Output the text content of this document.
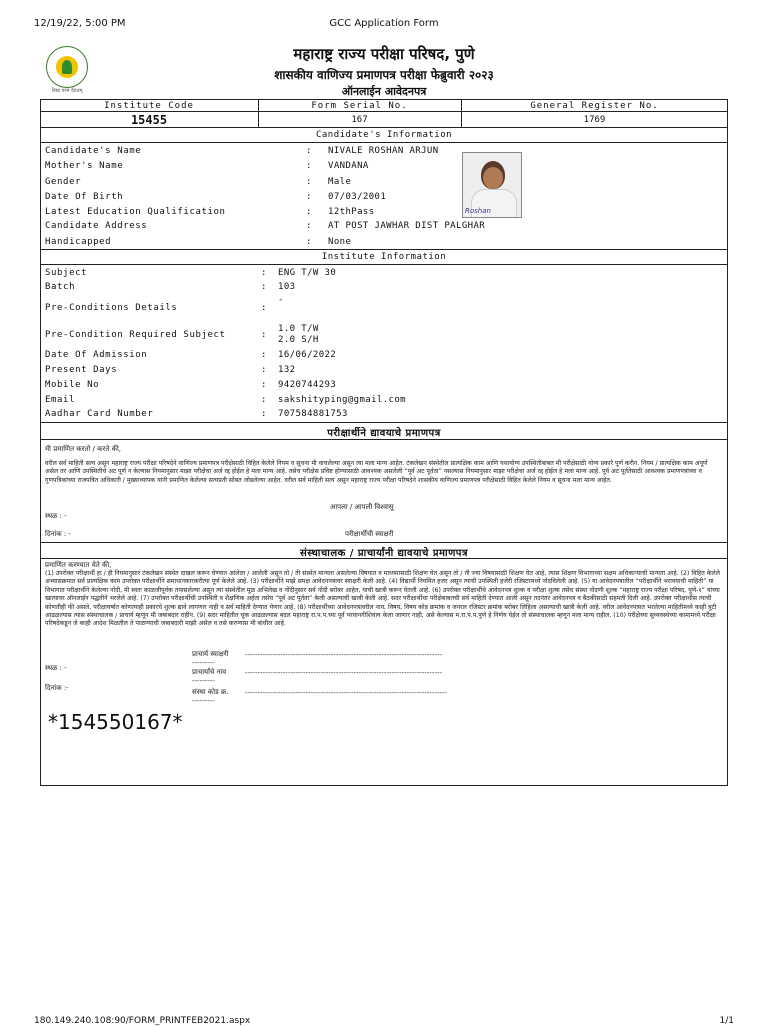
12/19/22, 5:00 PM	GCC Application Form
विद्या परमं दैवतम्
महाराष्ट्र राज्य परीक्षा परिषद, पुणे
शासकीय वाणिज्य प्रमाणपत्र परीक्षा फेब्रुवारी २०२३
ऑनलाईन आवेदनपत्र
Institute Code	Form Serial No.	General Register No.
15455	167	1769
Candidate's Information
Candidate's Name	: NIVALE ROSHAN ARJUN
Mother's Name	: VANDANA
Gender	: Male
Date Of Birth	: 07/03/2001
Latest Education Qualification	: 12thPass
Candidate Address	: AT POST JAWHAR DIST PALGHAR
Handicapped	: None
Roshan
Institute Information
Subject	: ENG T/W 30
Batch	: 103
Pre-Conditions Details	:
-
Pre-Condition Required Subject	:
1.0 T/W
2.0 S/H
Date Of Admission	: 16/06/2022
Present Days	: 132
Mobile No	: 9420744293
Email	: sakshityping@gmail.com
Aadhar Card Number	: 707584881753
परीक्षार्थीने द्यावयाचे प्रमाणपत्र
मी प्रमाणित करतो / करते की,
वरील सर्व माहिती सत्य असून महाराष्ट्र राज्य परीक्षा परिषदेने वाणिज्य प्रमाणपत्र परीक्षेसाठी विहित केलेले नियम व सूचना मी वाचलेल्या असून त्या मला मान्य आहेत. टंकलेखन संस्थेतील प्रात्यक्षिक काम आणि यथायोग्य उपस्थितीबाबत मी परीक्षेसाठी योग्य प्रकारे पूर्ण करीन. नियम / प्रात्यक्षिक काम अपूर्ण असेल तर आणि उपस्थितीचे अट पूर्ण न केल्यास नियमानुसार माझा परीक्षेचा अर्ज रद्द होईल हे मला मान्य आहे. तसेच परीक्षेस प्रविष्ट होण्यासाठी आवश्यक असलेली “पूर्व अट पूर्तता” नसल्यास नियमानुसार माझा परीक्षेचा अर्ज रद्द होईल हे मला मान्य आहे. पूर्व अट पूर्ततेसाठी आवश्यक प्रमाणपत्रांच्या व गुणपत्रिकांच्या राजपत्रित अधिकारी / मुख्याध्यापक यांनी प्रमाणित केलेल्या सत्यप्रती सोबत जोडलेल्या आहेत. वरील सर्व माहिती सत्य असून महाराष्ट्र राज्य परीक्षा परिषदेने शासकीय वाणिज्य प्रमाणपत्र परीक्षेसाठी विहित केलेले नियम व सूचना मला मान्य आहेत.
आपला / आपली विश्वासू
स्थळ : -
दिनांक : -	परीक्षार्थीची स्वाक्षरी
संस्थाचालक / प्राचार्यांनी द्यावयाचे प्रमाणपत्र
प्रमाणित करण्यात येते की,
(1) उपरोक्त परीक्षार्थी हा / ही नियमानुसार टंकलेखन संस्थेत दाखल करून घेण्यात आलेला / आलेली असून तो / ती संस्थेत मान्यता असलेल्या विषयात व माध्यमासाठी शिक्षण घेत असून तो / ती ज्या विषयासाठी शिक्षण घेत आहे, त्यास शिक्षण विभागाच्या सक्षम अधिकाऱ्याची मान्यता आहे. (2) विहित केलेले अभ्यासक्रमात सर्व प्रात्यक्षिक काम उपरोक्त परीक्षार्थीने समाधानकारकरीत्या पूर्ण केलेले आहे. (3) परीक्षार्थीने माझे समक्ष आवेदनपत्रावर स्वाक्षरी केली आहे. (4) विद्यार्थी नियमित हजर असून त्याची उपस्थिती हजेरी रजिस्टरमध्ये नोंदविलेली आहे. (5) या आवेदनपत्रातील “परीक्षार्थीने भरावयाची माहिती” या विभागात परीक्षार्थीने केलेल्या नोंदी, मी स्वतः काळजीपूर्वक तपासलेल्या असून त्या संस्थेतील मूळ अभिलेख व नोंदीनुसार सर्व नोंदी बरोबर आहेत, याची खात्री करून घेतली आहे. (6) उपरोक्त परीक्षार्थीचे आवेदनपत्र शुल्क व परीक्षा शुल्क तसेच संस्था नोंदणी शुल्क “महाराष्ट्र राज्य परीक्षा परिषद, पुणे-१” यांच्या खात्यावर ऑनलाईन पद्धतीने भरलेले आहे. (7) उपरोक्त परीक्षार्थीची उपस्थिती व शैक्षणिक अर्हता तसेच “पूर्व अट पूर्तता” केली असल्याची खात्री केली आहे. सदर परीक्षार्थीचा परीक्षेबाबतची सर्व माहिती देण्यात आली असून तदनंतर आवेदनपत्र व बैठकीसाठी सहमती दिली आहे. उपरोक्त परीक्षार्थीस त्याची कोणतीही फी असले, परीक्षावर्षात कोणत्याही प्रकारचे शुल्क द्यावे लागणार नाही व सर्व माहिती देण्यात येणार आहे. (8) परीक्षार्थीच्या आवेदनपत्रावरील नाव, विषय, विषय कोड क्रमांक व जनरल रजिस्टर क्रमांक बरोबर लिहिला असल्याची खात्री केली आहे. वरील आवेदनपत्रात भरलेल्या माहितीमध्ये काही त्रुटी आढळल्यास त्यास संस्थाचालक / प्राचार्य म्हणून मी जबाबदार राहीन. (9) सदर माहितीत चूक आढळल्यास बदल महाराष्ट्र रा.प.प.च्या पूर्व परवानगीशिवाय केला जाणार नाही, असे केल्यास म.रा.प.प.पुणे हे निर्णय घेईल तो संस्थाचालक म्हणून मला मान्य राहील. (10) परीक्षेच्या सुव्यवस्थेच्या कामामध्ये परीक्षा परिषदेकडून जे काही आदेश मिळतील ते पाळण्याची जबाबदारी माझी असेल व तसे करण्यास मी बांधील आहे.
प्राचार्य स्वाक्षरी ------------------------------------------------------------------------------
---------
स्थळ : -	प्राचार्यांचे नाव	------------------------------------------------------------------------------
---------
दिनांक :-	संस्था कोड क्र. --------------------------------------------------------------------------------
---------
*154550167*
180.149.240.108:90/FORM_PRINTFEB2021.aspx	1/1
